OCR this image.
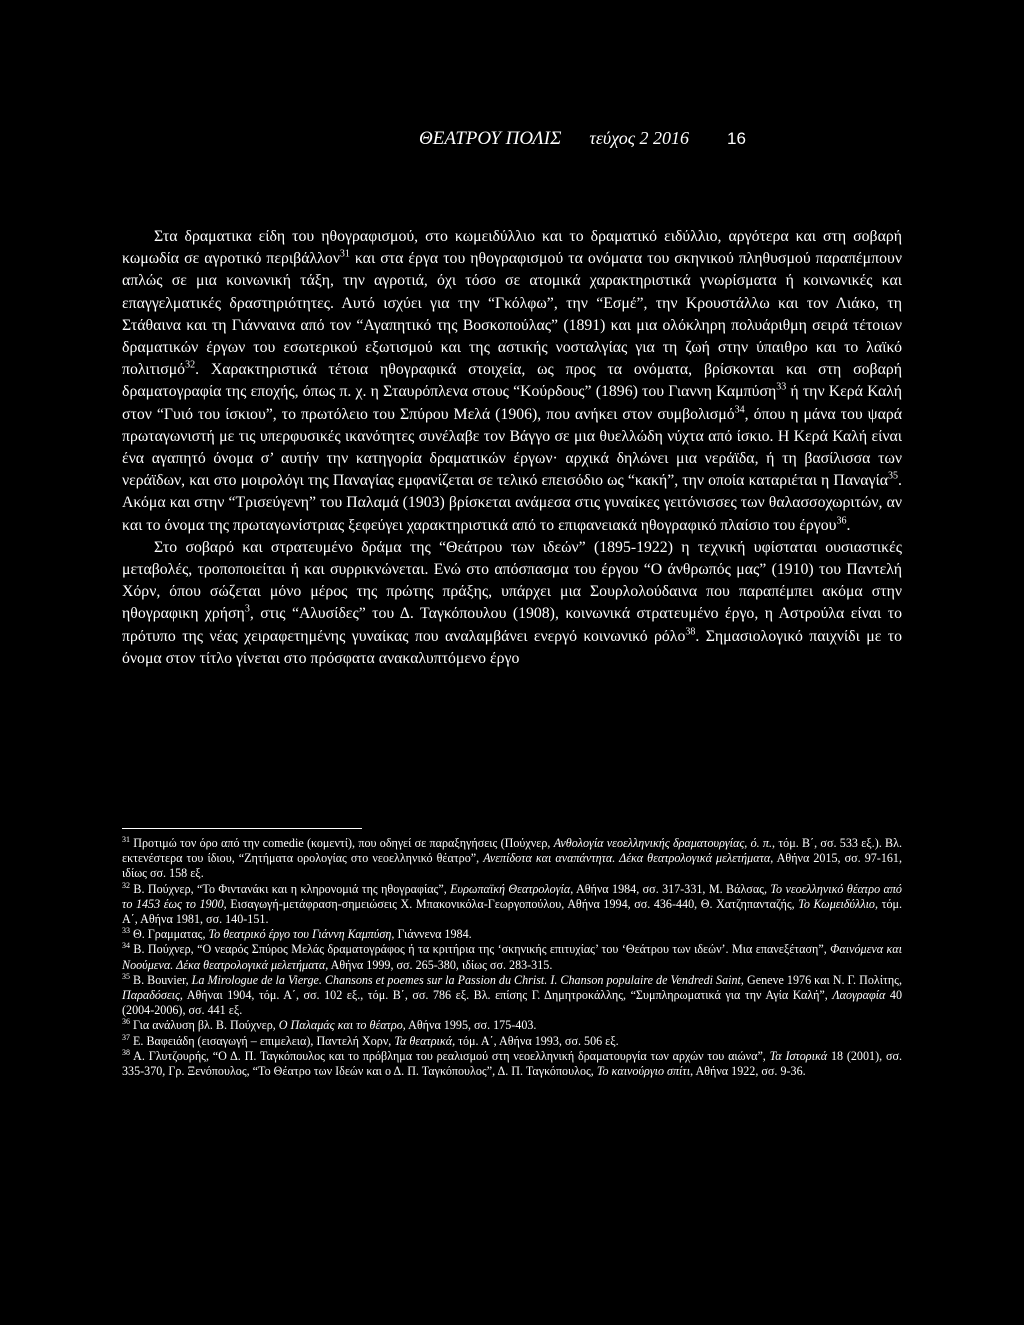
ΘΕΑΤΡΟΥ ΠΟΛΙΣ τεύχος 2 2016 16

Στα δραματικα είδη του ηθογραφισμού, στο κωμειδύλλιο και το δραματικό ειδύλλιο, αργότερα και στη σοβαρή κωμωδία σε αγροτικό περιβάλλον$^{31}$ και στα έργα του ηθογραφισμού τα ονόματα του σκηνικού πληθυσμού παραπέμπουν απλώς σε μια κοινωνική τάξη, την αγροτιά, όχι τόσο σε ατομικά χαρακτηριστικά γνωρίσματα ή κοινωνικές και επαγγελματικές δραστηριότητες. Αυτό ισχύει για την “Γκόλφω”, την “Εσμέ”, την Κρουστάλλω και τον Λιάκο, τη Στάθαινα και τη Γιάνναινα από τον “Αγαπητικό της Βοσκοπούλας” (1891) και μια ολόκληρη πολυάριθμη σειρά τέτοιων δραματικών έργων του εσωτερικού εξωτισμού και της αστικής νοσταλγίας για τη ζωή στην ύπαιθρο και το λαϊκό πολιτισμό$^{32}$. Χαρακτηριστικά τέτοια ηθογραφικά στοιχεία, ως προς τα ονόματα, βρίσκονται και στη σοβαρή δραματογραφία της εποχής, όπως π. χ. η Σταυρόπλενα στους “Κούρδους” (1896) του Γιαννη Καμπύση$^{33}$ ή την Κερά Καλή στον “Γυιό του ίσκιου”, το πρωτόλειο του Σπύρου Μελά (1906), που ανήκει στον συμβολισμό$^{34}$, όπου η μάνα του ψαρά πρωταγωνιστή με τις υπερφυσικές ικανότητες συνέλαβε τον Βάγγο σε μια θυελλώδη νύχτα από ίσκιο. Η Κερά Καλή είναι ένα αγαπητό όνομα σ’ αυτήν την κατηγορία δραματικών έργων· αρχικά δηλώνει μια νεράϊδα, ή τη βασίλισσα των νεράϊδων, και στο μοιρολόγι της Παναγίας εμφανίζεται σε τελικό επεισόδιο ως “κακή”, την οποία καταριέται η Παναγία$^{35}$. Ακόμα και στην “Τρισεύγενη” του Παλαμά (1903) βρίσκεται ανάμεσα στις γυναίκες γειτόνισσες των θαλασσοχωριτών, αν και το όνομα της πρωταγωνίστριας ξεφεύγει χαρακτηριστικά από το επιφανειακά ηθογραφικό πλαίσιο του έργου$^{36}$.

Στο σοβαρό και στρατευμένο δράμα της “Θεάτρου των ιδεών” (1895-1922) η τεχνική υφίσταται ουσιαστικές μεταβολές, τροποποιείται ή και συρρικνώνεται. Ενώ στο απόσπασμα του έργου “Ο άνθρωπός μας” (1910) του Παντελή Χόρν, όπου σώζεται μόνο μέρος της πρώτης πράξης, υπάρχει μια Σουρλολούδαινα που παραπέμπει ακόμα στην ηθογραφικη χρήση$^3$, στις “Αλυσίδες” του Δ. Ταγκόπουλου (1908), κοινωνικά στρατευμένο έργο, η Αστρούλα είναι το πρότυπο της νέας χειραφετημένης γυναίκας που αναλαμβάνει ενεργό κοινωνικό ρόλο$^{38}$. Σημασιολογικό παιχνίδι με το όνομα στον τίτλο γίνεται στο πρόσφατα ανακαλυπτόμενο έργο

$^{31}$ Προτιμώ τον όρο από την comedie (κομεντί), που οδηγεί σε παραξηγήσεις (Πούχνερ, Ανθολογία νεοελληνικής δραματουργίας, ό. π., τόμ. Β΄, σσ. 533 εξ.). Βλ. εκτενέστερα του ίδιου, “Ζητήματα ορολογίας στο νεοελληνικό θέατρο”, Ανεπίδοτα και αναπάντητα. Δέκα θεατρολογικά μελετήματα, Αθήνα 2015, σσ. 97-161, ιδίως σσ. 158 εξ.

$^{32}$ Β. Πούχνερ, “Το Φιντανάκι και η κληρονομιά της ηθογραφίας”, Ευρωπαϊκή Θεατρολογία, Αθήνα 1984, σσ. 317-331, Μ. Βάλσας, Το νεοελληνικό θέατρο από το 1453 έως το 1900, Εισαγωγή-μετάφραση-σημειώσεις Χ. Μπακονικόλα-Γεωργοπούλου, Αθήνα 1994, σσ. 436-440, Θ. Χατζηπανταζής, Το Κωμειδύλλιο, τόμ. Α΄, Αθήνα 1981, σσ. 140-151.

$^{33}$ Θ. Γραμματας, Το θεατρικό έργο του Γιάννη Καμπύση, Γιάννενα 1984.

$^{34}$ Β. Πούχνερ, “Ο νεαρός Σπύρος Μελάς δραματογράφος ή τα κριτήρια της ‘σκηνικής επιτυχίας’ του ‘Θεάτρου των ιδεών’. Μια επανεξέταση”, Φαινόμενα και Νοούμενα. Δέκα θεατρολογικά μελετήματα, Αθήνα 1999, σσ. 265-380, ιδίως σσ. 283-315.

$^{35}$ B. Bouvier, La Mirologue de la Vierge. Chansons et poemes sur la Passion du Christ. I. Chanson populaire de Vendredi Saint, Geneve 1976 και Ν. Γ. Πολίτης, Παραδόσεις, Αθήναι 1904, τόμ. Α΄, σσ. 102 εξ., τόμ. Β΄, σσ. 786 εξ. Βλ. επίσης Γ. Δημητροκάλλης, “Συμπληρωματικά για την Αγία Καλή”, Λαογραφία 40 (2004-2006), σσ. 441 εξ.

$^{36}$ Για ανάλυση βλ. Β. Πούχνερ, Ο Παλαμάς και το θέατρο, Αθήνα 1995, σσ. 175-403.

$^{37}$ Ε. Βαφειάδη (εισαγωγή – επιμελεια), Παντελή Χορν, Τα θεατρικά, τόμ. Α΄, Αθήνα 1993, σσ. 506 εξ.

$^{38}$ Α. Γλυτζουρής, “Ο Δ. Π. Ταγκόπουλος και το πρόβλημα του ρεαλισμού στη νεοελληνική δραματουργία των αρχών του αιώνα”, Τα Ιστορικά 18 (2001), σσ. 335-370, Γρ. Ξενόπουλος, “Το Θέατρο των Ιδεών και ο Δ. Π. Ταγκόπουλος”, Δ. Π. Ταγκόπουλος, Το καινούργιο σπίτι, Αθήνα 1922, σσ. 9-36.
